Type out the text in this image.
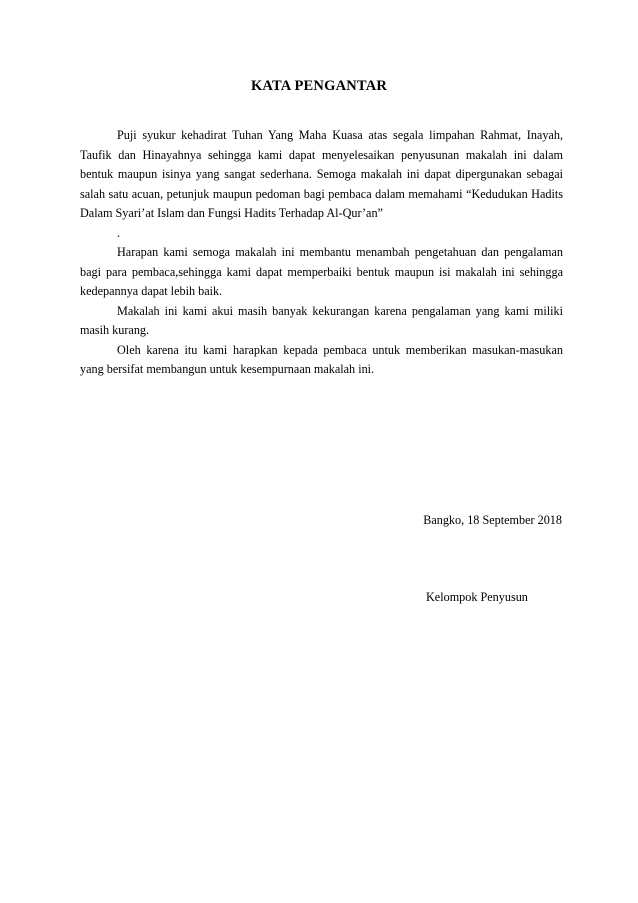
KATA PENGANTAR

Puji syukur kehadirat Tuhan Yang Maha Kuasa atas segala limpahan Rahmat, Inayah, Taufik dan Hinayahnya sehingga kami dapat menyelesaikan penyusunan makalah ini dalam bentuk maupun isinya yang sangat sederhana. Semoga makalah ini dapat dipergunakan sebagai salah satu acuan, petunjuk maupun pedoman bagi pembaca dalam memahami “Kedudukan Hadits Dalam Syari’at Islam dan Fungsi Hadits Terhadap Al-Qur’an”

.

Harapan kami semoga makalah ini membantu menambah pengetahuan dan pengalaman bagi para pembaca,sehingga kami dapat memperbaiki bentuk maupun isi makalah ini sehingga kedepannya dapat lebih baik.

Makalah ini kami akui masih banyak kekurangan karena pengalaman yang kami miliki masih kurang.

Oleh karena itu kami harapkan kepada pembaca untuk memberikan masukan-masukan yang bersifat membangun untuk kesempurnaan makalah ini.

Bangko, 18 September 2018
Kelompok Penyusun
